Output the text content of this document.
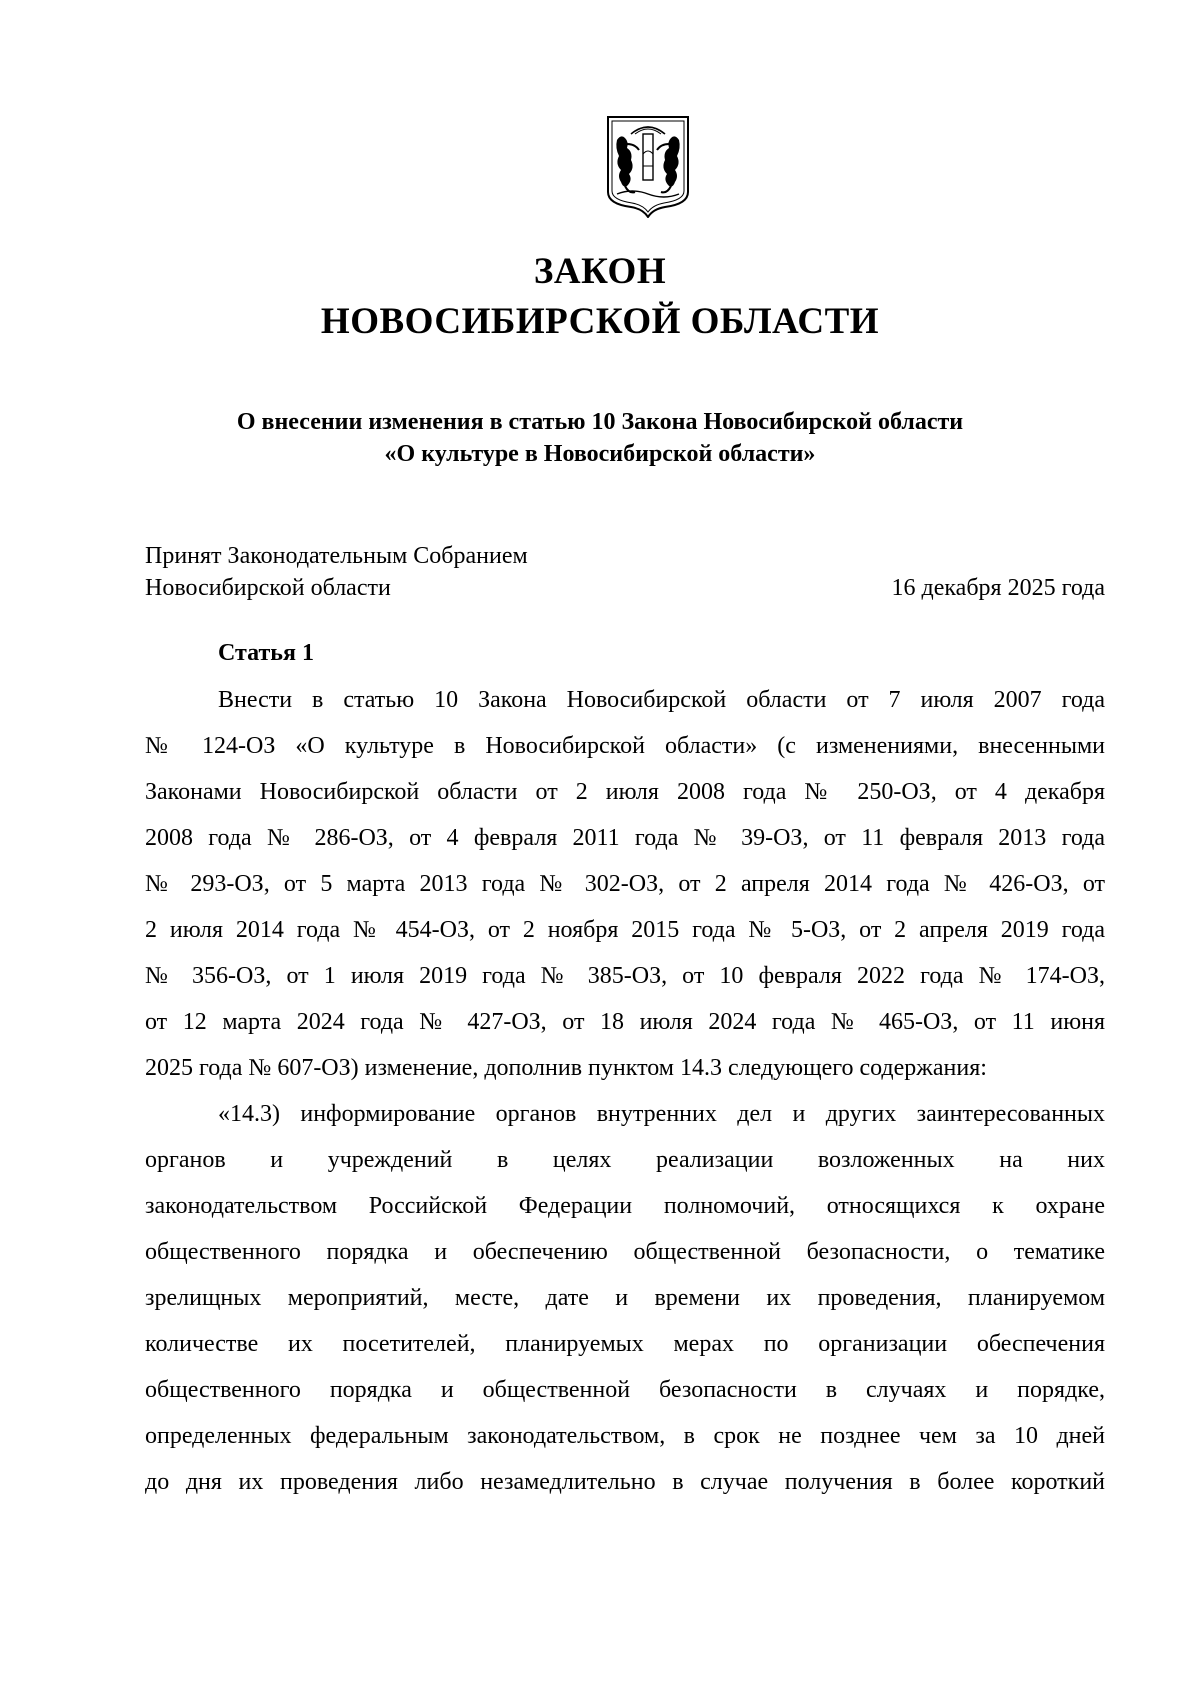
ЗАКОН
НОВОСИБИРСКОЙ ОБЛАСТИ
О внесении изменения в статью 10 Закона Новосибирской области
«О культуре в Новосибирской области»
Принят Законодательным Собранием
Новосибирской области	16 декабря 2025 года
Статья 1
Внести в статью 10 Закона Новосибирской области от 7 июля 2007 года
№ 124-ОЗ «О культуре в Новосибирской области» (с изменениями, внесенными
Законами Новосибирской области от 2 июля 2008 года № 250-ОЗ, от 4 декабря
2008 года № 286-ОЗ, от 4 февраля 2011 года № 39-ОЗ, от 11 февраля 2013 года
№ 293-ОЗ, от 5 марта 2013 года № 302-ОЗ, от 2 апреля 2014 года № 426-ОЗ, от
2 июля 2014 года № 454-ОЗ, от 2 ноября 2015 года № 5-ОЗ, от 2 апреля 2019 года
№ 356-ОЗ, от 1 июля 2019 года № 385-ОЗ, от 10 февраля 2022 года № 174-ОЗ,
от 12 марта 2024 года № 427-ОЗ, от 18 июля 2024 года № 465-ОЗ, от 11 июня
2025 года № 607-ОЗ) изменение, дополнив пунктом 14.3 следующего содержания:
«14.3) информирование органов внутренних дел и других заинтересованных
органов и учреждений в целях реализации возложенных на них
законодательством Российской Федерации полномочий, относящихся к охране
общественного порядка и обеспечению общественной безопасности, о тематике
зрелищных мероприятий, месте, дате и времени их проведения, планируемом
количестве их посетителей, планируемых мерах по организации обеспечения
общественного порядка и общественной безопасности в случаях и порядке,
определенных федеральным законодательством, в срок не позднее чем за 10 дней
до дня их проведения либо незамедлительно в случае получения в более короткий
